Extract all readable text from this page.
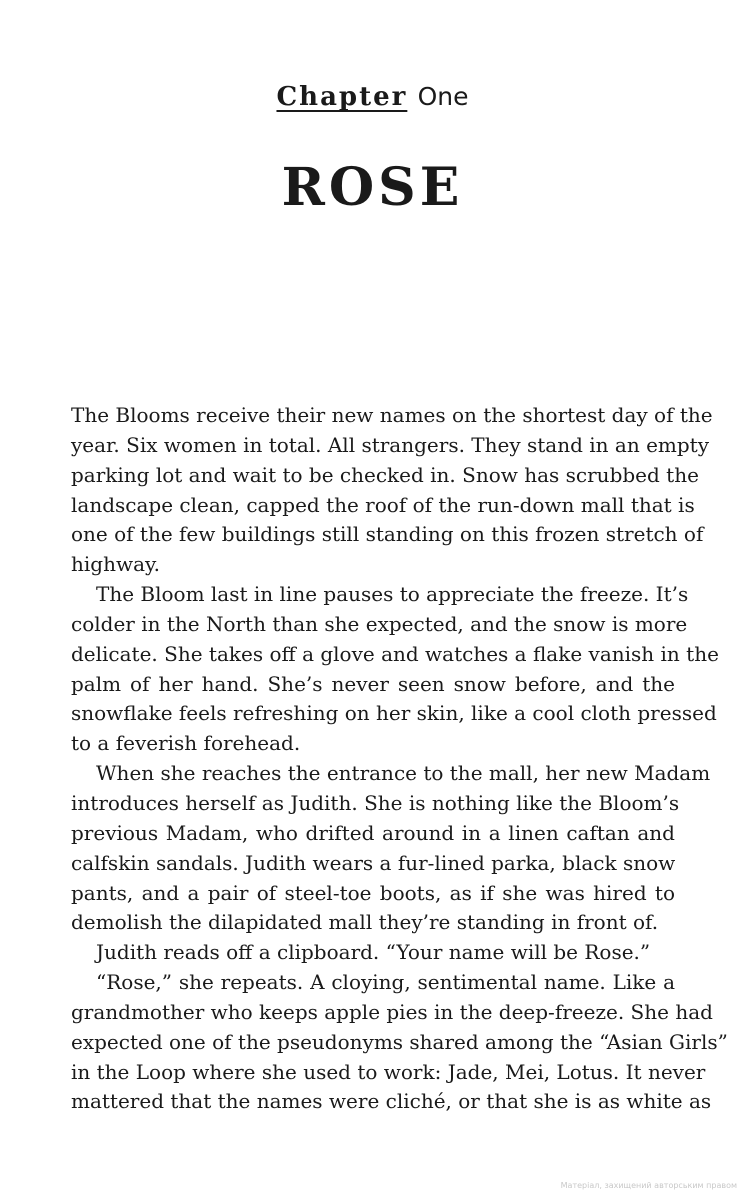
Chapter One
ROSE
The Blooms receive their new names on the shortest day of the
year. Six women in total. All strangers. They stand in an empty
parking lot and wait to be checked in. Snow has scrubbed the
landscape clean, capped the roof of the run-down mall that is
one of the few buildings still standing on this frozen stretch of
highway.
The Bloom last in line pauses to appreciate the freeze. It’s
colder in the North than she expected, and the snow is more
delicate. She takes off a glove and watches a flake vanish in the
palm of her hand. She’s never seen snow before, and the
snowflake feels refreshing on her skin, like a cool cloth pressed
to a feverish forehead.
When she reaches the entrance to the mall, her new Madam
introduces herself as Judith. She is nothing like the Bloom’s
previous Madam, who drifted around in a linen caftan and
calfskin sandals. Judith wears a fur-lined parka, black snow
pants, and a pair of steel-toe boots, as if she was hired to
demolish the dilapidated mall they’re standing in front of.
Judith reads off a clipboard. “Your name will be Rose.”
“Rose,” she repeats. A cloying, sentimental name. Like a
grandmother who keeps apple pies in the deep-freeze. She had
expected one of the pseudonyms shared among the “Asian Girls”
in the Loop where she used to work: Jade, Mei, Lotus. It never
mattered that the names were cliché, or that she is as white as
Матеріал, захищений авторським правом
